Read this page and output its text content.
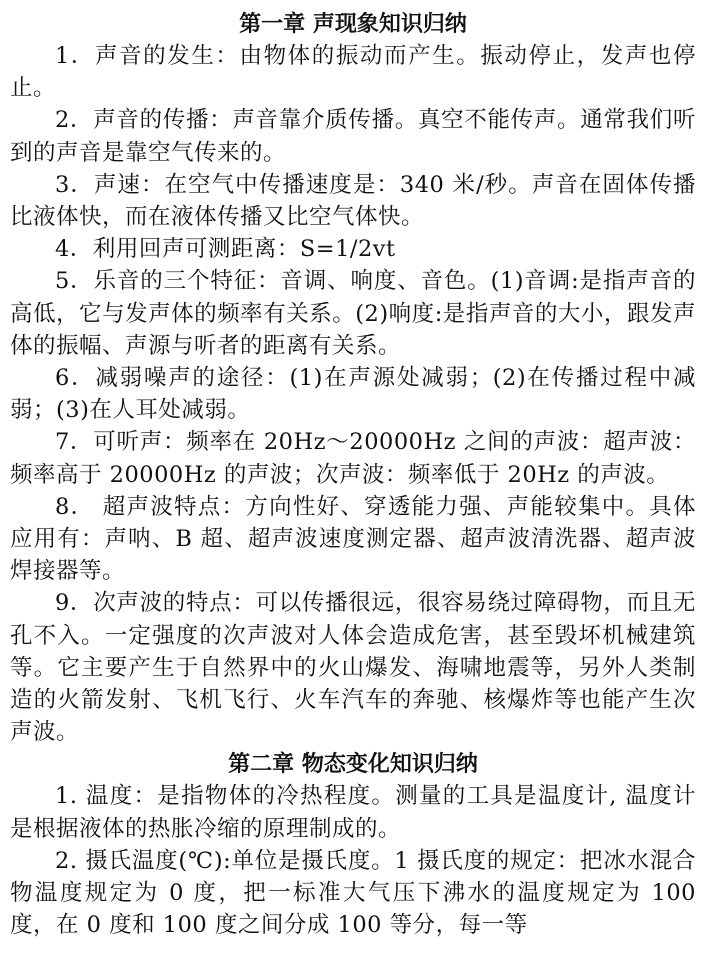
第一章 声现象知识归纳

1．声音的发生：由物体的振动而产生。振动停止，发声也停止。

2．声音的传播：声音靠介质传播。真空不能传声。通常我们听到的声音是靠空气传来的。

3．声速：在空气中传播速度是：340 米/秒。声音在固体传播比液体快，而在液体传播又比空气体快。

4．利用回声可测距离：S=1/2vt

5．乐音的三个特征：音调、响度、音色。(1)音调:是指声音的高低，它与发声体的频率有关系。(2)响度:是指声音的大小，跟发声体的振幅、声源与听者的距离有关系。

6．减弱噪声的途径：(1)在声源处减弱；(2)在传播过程中减弱；(3)在人耳处减弱。

7．可听声：频率在 20Hz～20000Hz 之间的声波：超声波：频率高于 20000Hz 的声波；次声波：频率低于 20Hz 的声波。

8． 超声波特点：方向性好、穿透能力强、声能较集中。具体应用有：声呐、B 超、超声波速度测定器、超声波清洗器、超声波焊接器等。

9．次声波的特点：可以传播很远，很容易绕过障碍物，而且无孔不入。一定强度的次声波对人体会造成危害，甚至毁坏机械建筑等。它主要产生于自然界中的火山爆发、海啸地震等，另外人类制造的火箭发射、飞机飞行、火车汽车的奔驰、核爆炸等也能产生次声波。

第二章 物态变化知识归纳

1. 温度：是指物体的冷热程度。测量的工具是温度计, 温度计是根据液体的热胀冷缩的原理制成的。

2. 摄氏温度(℃):单位是摄氏度。1 摄氏度的规定：把冰水混合物温度规定为 0 度，把一标准大气压下沸水的温度规定为 100 度，在 0 度和 100 度之间分成 100 等分，每一等
